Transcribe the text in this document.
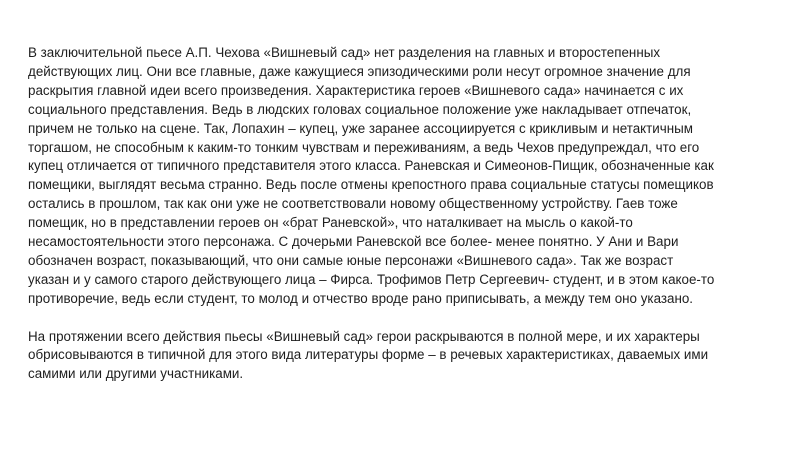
В заключительной пьесе А.П. Чехова «Вишневый сад» нет разделения на главных и второстепенных
действующих лиц. Они все главные, даже кажущиеся эпизодическими роли несут огромное значение для
раскрытия главной идеи всего произведения. Характеристика героев «Вишневого сада» начинается с их
социального представления. Ведь в людских головах социальное положение уже накладывает отпечаток,
причем не только на сцене. Так, Лопахин – купец, уже заранее ассоциируется с крикливым и нетактичным
торгашом, не способным к каким-то тонким чувствам и переживаниям, а ведь Чехов предупреждал, что его
купец отличается от типичного представителя этого класса. Раневская и Симеонов-Пищик, обозначенные как
помещики, выглядят весьма странно. Ведь после отмены крепостного права социальные статусы помещиков
остались в прошлом, так как они уже не соответствовали новому общественному устройству. Гаев тоже
помещик, но в представлении героев он «брат Раневской», что наталкивает на мысль о какой-то
несамостоятельности этого персонажа. С дочерьми Раневской все более- менее понятно. У Ани и Вари
обозначен возраст, показывающий, что они самые юные персонажи «Вишневого сада». Так же возраст
указан и у самого старого действующего лица – Фирса. Трофимов Петр Сергеевич- студент, и в этом какое-то
противоречие, ведь если студент, то молод и отчество вроде рано приписывать, а между тем оно указано.

На протяжении всего действия пьесы «Вишневый сад» герои раскрываются в полной мере, и их характеры
обрисовываются в типичной для этого вида литературы форме – в речевых характеристиках, даваемых ими
самими или другими участниками.
